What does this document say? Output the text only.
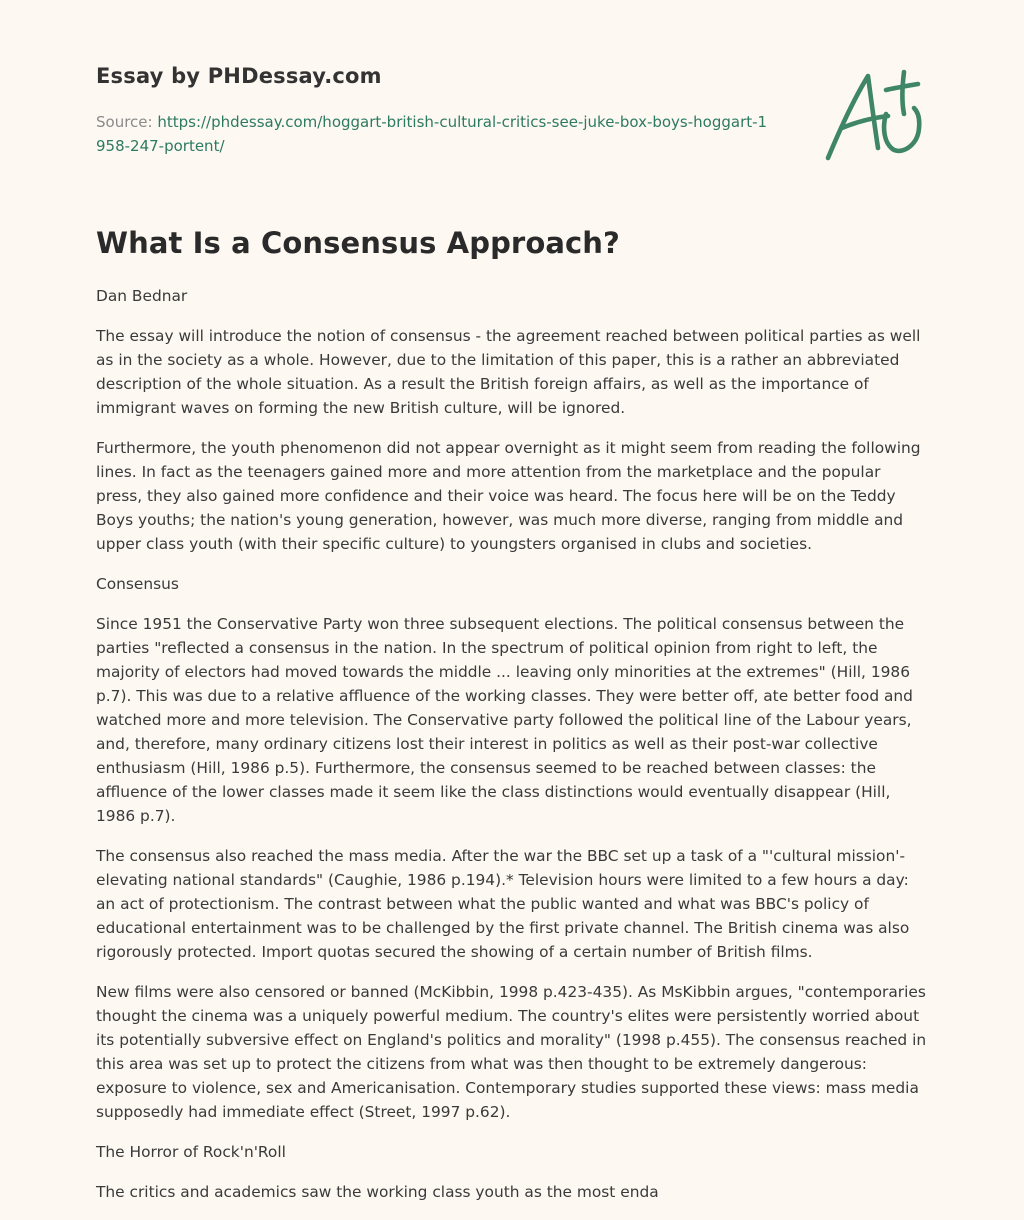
Essay by PHDessay.com
Source: https://phdessay.com/hoggart-british-cultural-critics-see-juke-box-boys-hoggart-1958-247-portent/
What Is a Consensus Approach?

Dan Bednar

The essay will introduce the notion of consensus - the agreement reached between political parties as well as in the society as a whole. However, due to the limitation of this paper, this is a rather an abbreviated description of the whole situation. As a result the British foreign affairs, as well as the importance of immigrant waves on forming the new British culture, will be ignored.

Furthermore, the youth phenomenon did not appear overnight as it might seem from reading the following lines. In fact as the teenagers gained more and more attention from the marketplace and the popular press, they also gained more confidence and their voice was heard. The focus here will be on the Teddy Boys youths; the nation's young generation, however, was much more diverse, ranging from middle and upper class youth (with their specific culture) to youngsters organised in clubs and societies.

Consensus

Since 1951 the Conservative Party won three subsequent elections. The political consensus between the parties "reflected a consensus in the nation. In the spectrum of political opinion from right to left, the majority of electors had moved towards the middle ... leaving only minorities at the extremes" (Hill, 1986 p.7). This was due to a relative affluence of the working classes. They were better off, ate better food and watched more and more television. The Conservative party followed the political line of the Labour years, and, therefore, many ordinary citizens lost their interest in politics as well as their post-war collective enthusiasm (Hill, 1986 p.5). Furthermore, the consensus seemed to be reached between classes: the affluence of the lower classes made it seem like the class distinctions would eventually disappear (Hill, 1986 p.7).

The consensus also reached the mass media. After the war the BBC set up a task of a "'cultural mission'- elevating national standards" (Caughie, 1986 p.194).* Television hours were limited to a few hours a day: an act of protectionism. The contrast between what the public wanted and what was BBC's policy of educational entertainment was to be challenged by the first private channel. The British cinema was also rigorously protected. Import quotas secured the showing of a certain number of British films.

New films were also censored or banned (McKibbin, 1998 p.423-435). As MsKibbin argues, "contemporaries thought the cinema was a uniquely powerful medium. The country's elites were persistently worried about its potentially subversive effect on England's politics and morality" (1998 p.455). The consensus reached in this area was set up to protect the citizens from what was then thought to be extremely dangerous: exposure to violence, sex and Americanisation. Contemporary studies supported these views: mass media supposedly had immediate effect (Street, 1997 p.62).

The Horror of Rock'n'Roll

The critics and academics saw the working class youth as the most enda
